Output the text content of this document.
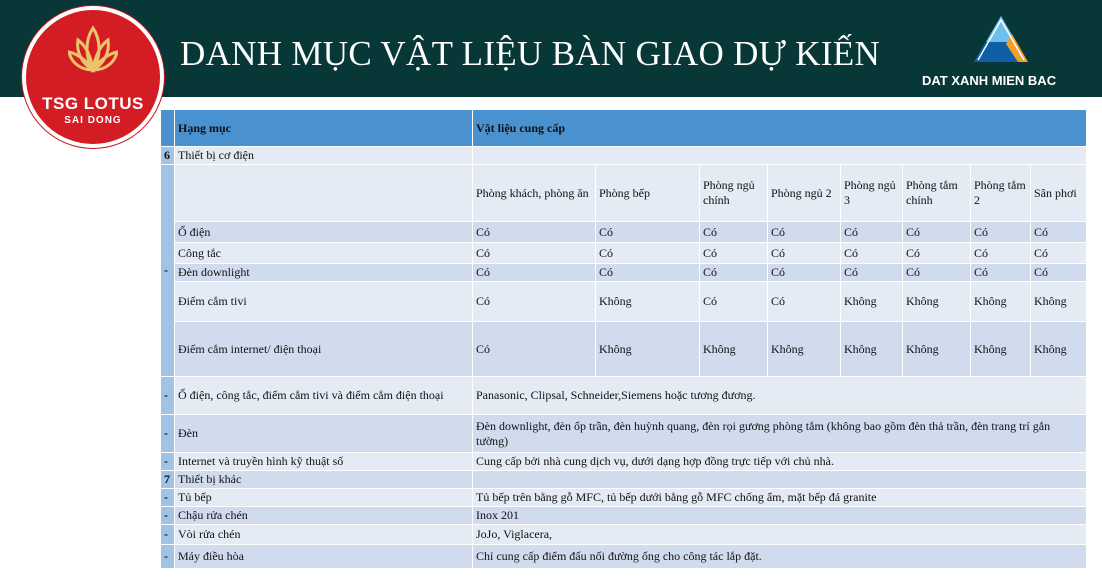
DANH MỤC VẬT LIỆU BÀN GIAO DỰ KIẾN
DAT XANH MIEN BAC
TSG LOTUS
SAI DONG
		Hạng mục	Vật liệu cung cấp							
6	Thiết bị cơ điện								
-		Phòng khách, phòng ăn	Phòng bếp	Phòng ngủ chính	Phòng ngủ 2	Phòng ngủ 3	Phòng tắm chính	Phòng tắm 2	Sân phơi
	Ổ điện	Có	Có	Có	Có	Có	Có	Có	Có
	Công tắc	Có	Có	Có	Có	Có	Có	Có	Có
	Đèn downlight	Có	Có	Có	Có	Có	Có	Có	Có
	Điểm cắm tivi	Có	Không	Có	Có	Không	Không	Không	Không
	Điểm cắm internet/ điện thoại	Có	Không	Không	Không	Không	Không	Không	Không
-	Ổ điện, công tắc, điểm cắm tivi và điểm cắm điện thoại	Panasonic, Clipsal, Schneider,Siemens hoặc tương đương.							
-	Đèn	Đèn downlight, đèn ốp trần, đèn huỳnh quang, đèn rọi gương phòng tắm (không bao gồm đèn thả trần, đèn trang trí gắn tường)							
-	Internet và truyền hình kỹ thuật số	Cung cấp bởi nhà cung dịch vụ, dưới dạng hợp đồng trực tiếp với chủ nhà.							
7	Thiết bị khác								
-	Tủ bếp	Tủ bếp trên bằng gỗ MFC, tủ bếp dưới bằng gỗ MFC chống ẩm, mặt bếp đá granite							
-	Chậu rửa chén	Inox 201							
-	Vòi rửa chén	JoJo, Viglacera,							
-	Máy điều hòa	Chỉ cung cấp điểm đấu nối đường ống cho công tác lắp đặt.							
